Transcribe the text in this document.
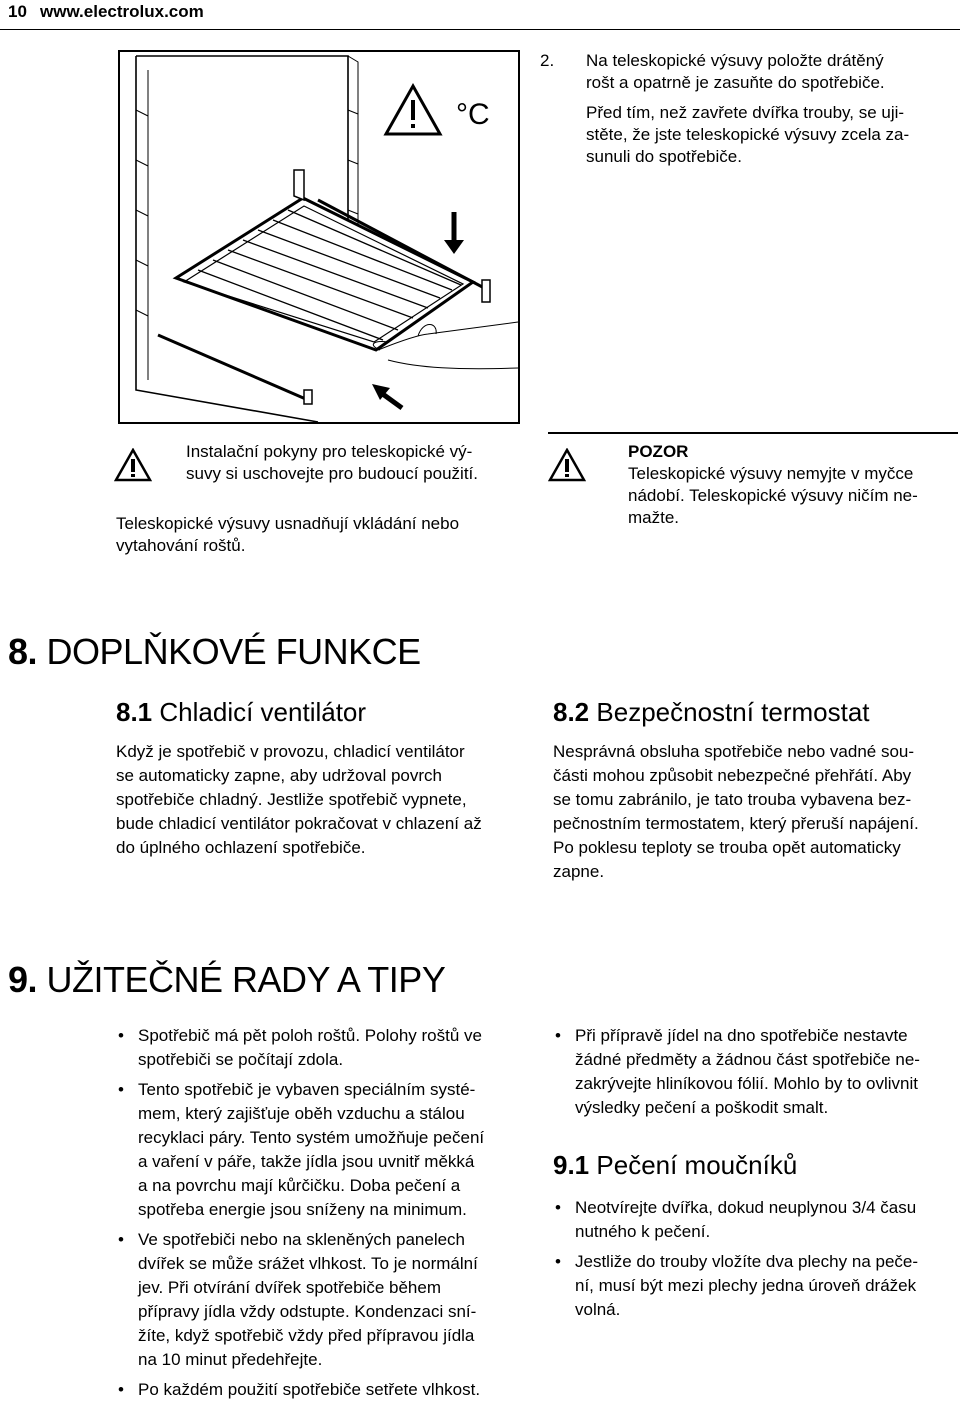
10 www.electrolux.com
°C
2. Na teleskopické výsuvy položte drátěný
rošt a opatrně je zasuňte do spotřebiče.

Před tím, než zavřete dvířka trouby, se uji-
stěte, že jste teleskopické výsuvy zcela za-
sunuli do spotřebiče.

Instalační pokyny pro teleskopické vý-
suvy si uschovejte pro budoucí použití.
Teleskopické výsuvy usnadňují vkládání nebo
vytahování roštů.
POZOR
Teleskopické výsuvy nemyjte v myčce
nádobí. Teleskopické výsuvy ničím ne-
mažte.
8. DOPLŇKOVÉ FUNKCE
8.1 Chladicí ventilátor
Když je spotřebič v provozu, chladicí ventilátor
se automaticky zapne, aby udržoval povrch
spotřebiče chladný. Jestliže spotřebič vypnete,
bude chladicí ventilátor pokračovat v chlazení až
do úplného ochlazení spotřebiče.
8.2 Bezpečnostní termostat
Nesprávná obsluha spotřebiče nebo vadné sou-
části mohou způsobit nebezpečné přehřátí. Aby
se tomu zabránilo, je tato trouba vybavena bez-
pečnostním termostatem, který přeruší napájení.
Po poklesu teploty se trouba opět automaticky
zapne.
9. UŽITEČNÉ RADY A TIPY
• Spotřebič má pět poloh roštů. Polohy roštů ve
spotřebiči se počítají zdola.
• Tento spotřebič je vybaven speciálním systé-
mem, který zajišťuje oběh vzduchu a stálou
recyklaci páry. Tento systém umožňuje pečení
a vaření v páře, takže jídla jsou uvnitř měkká
a na povrchu mají kůrčičku. Doba pečení a
spotřeba energie jsou sníženy na minimum.
• Ve spotřebiči nebo na skleněných panelech
dvířek se může srážet vlhkost. To je normální
jev. Při otvírání dvířek spotřebiče během
přípravy jídla vždy odstupte. Kondenzaci sní-
žíte, když spotřebič vždy před přípravou jídla
na 10 minut předehřejte.
• Po každém použití spotřebiče setřete vlhkost.
• Při přípravě jídel na dno spotřebiče nestavte
žádné předměty a žádnou část spotřebiče ne-
zakrývejte hliníkovou fólií. Mohlo by to ovlivnit
výsledky pečení a poškodit smalt.
9.1 Pečení moučníků
• Neotvírejte dvířka, dokud neuplynou 3/4 času
nutného k pečení.
• Jestliže do trouby vložíte dva plechy na peče-
ní, musí být mezi plechy jedna úroveň drážek
volná.
